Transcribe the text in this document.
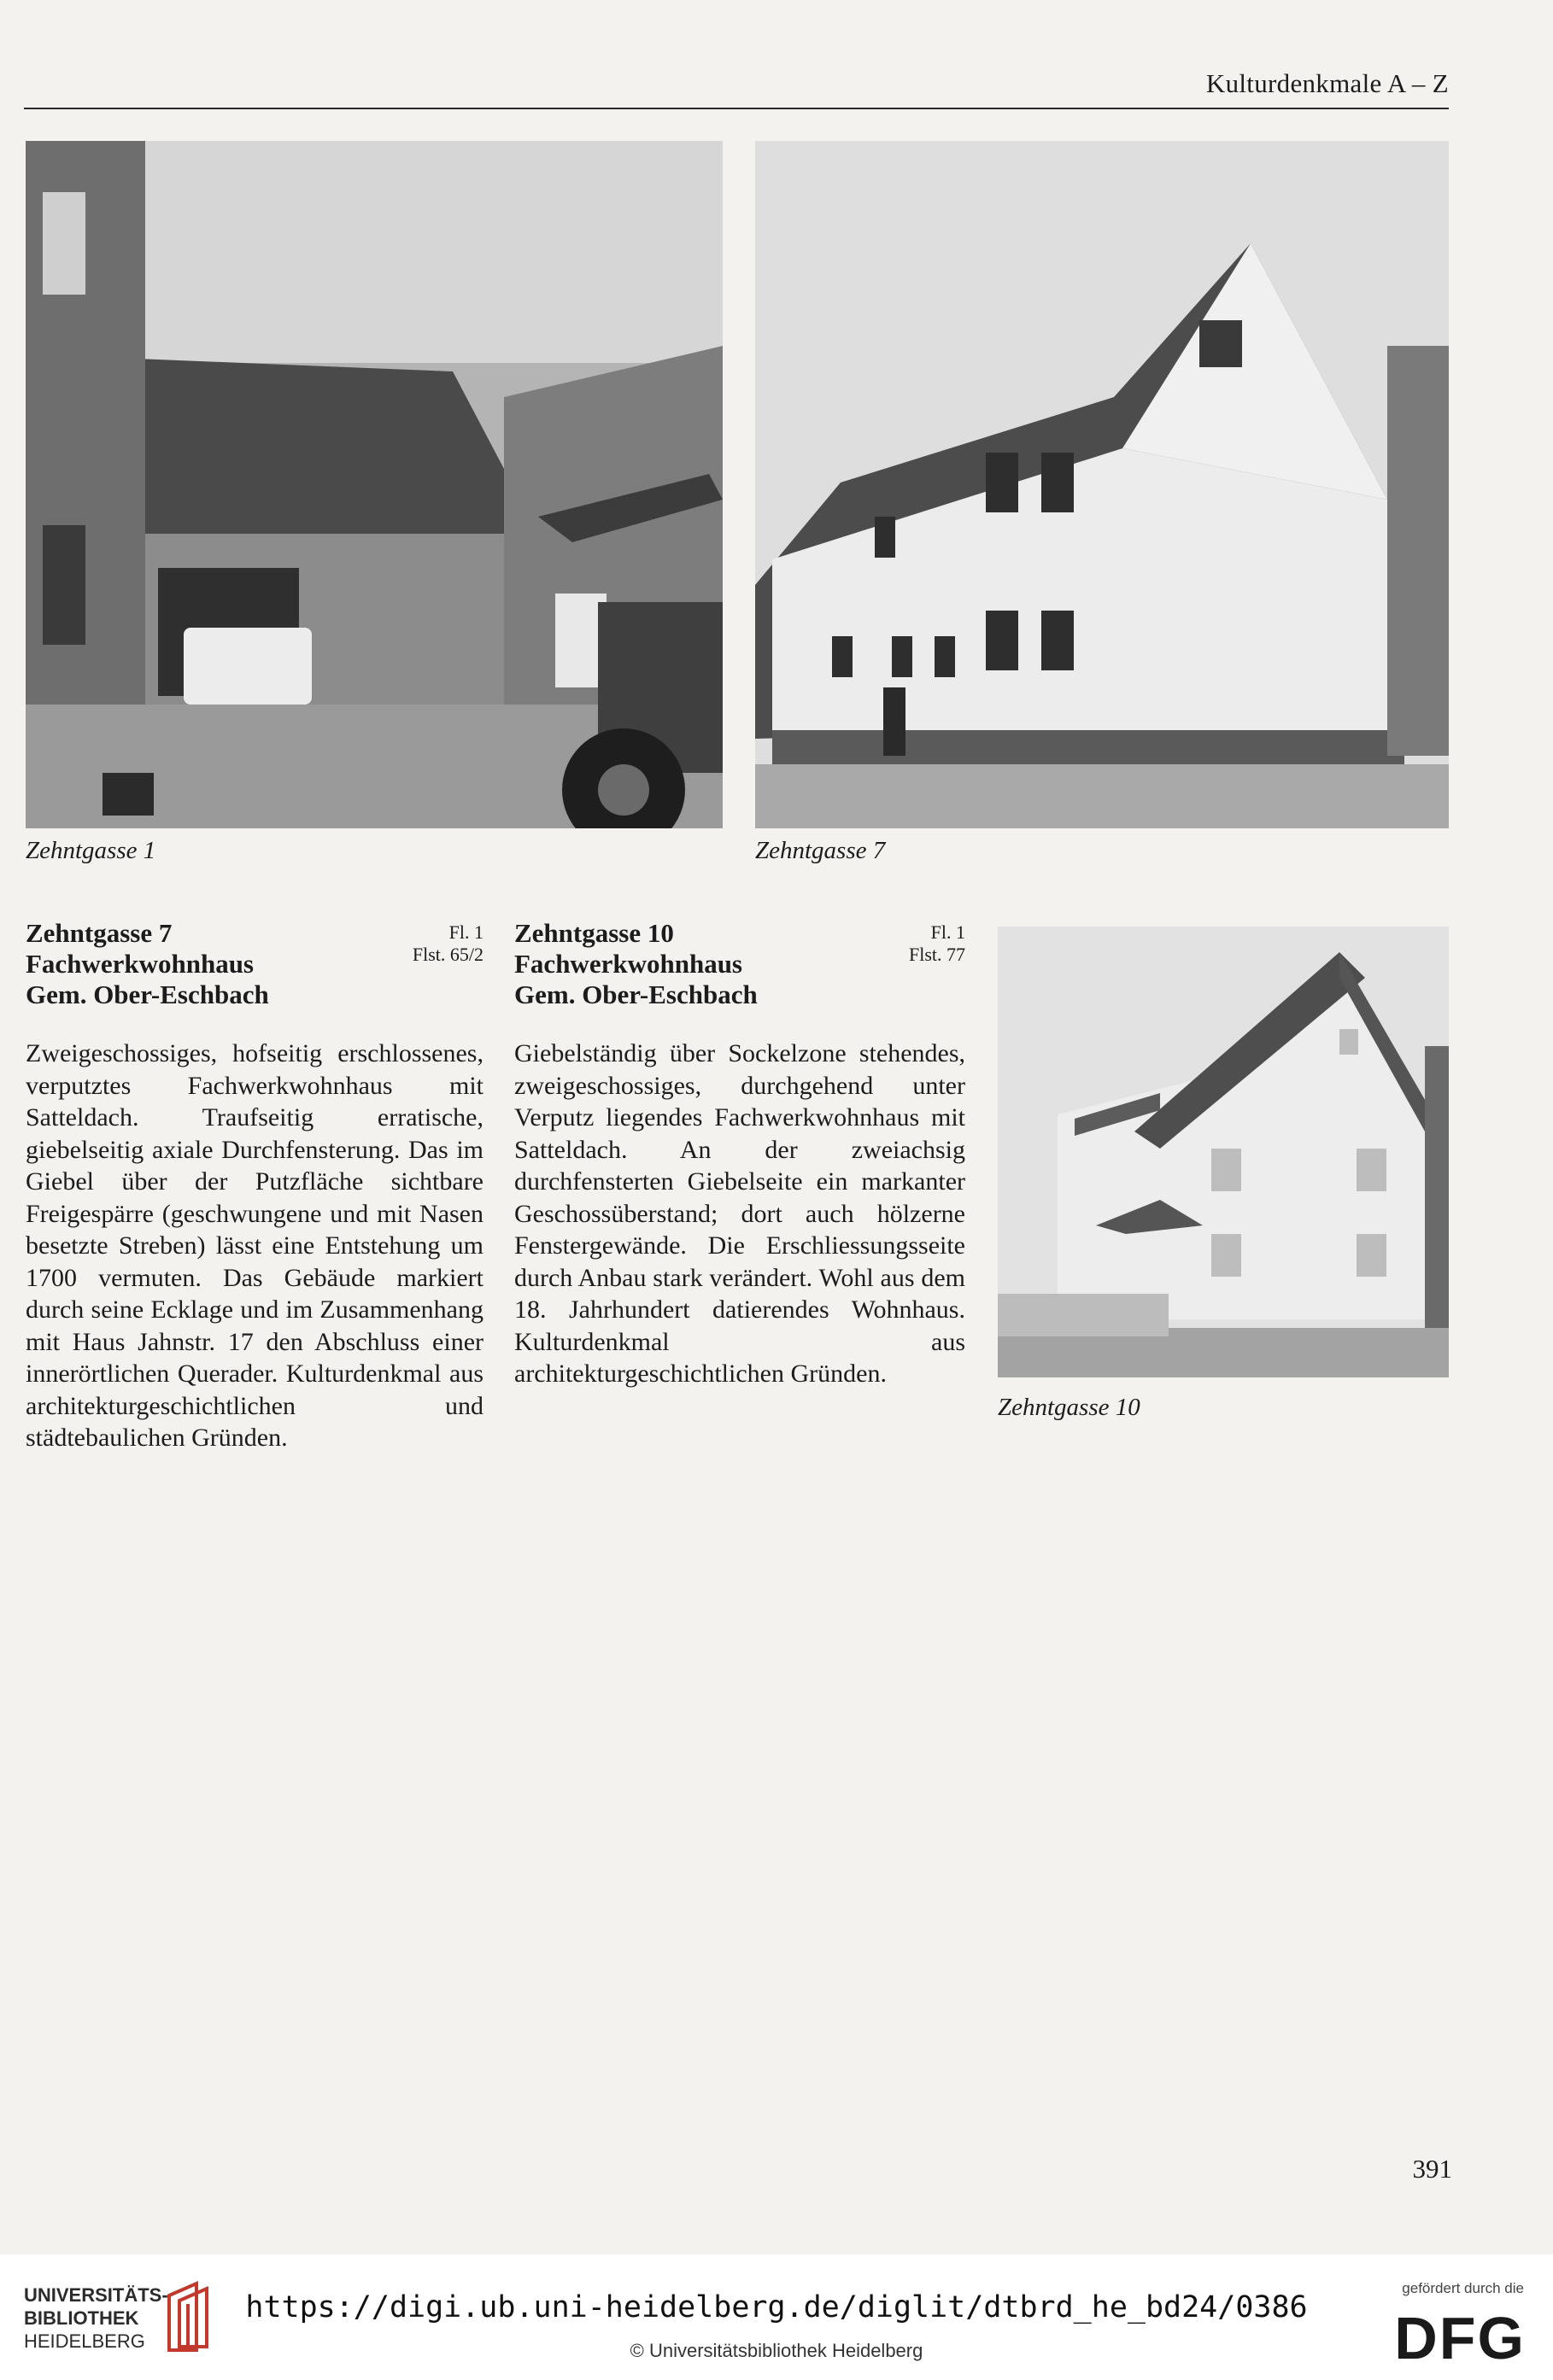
Kulturdenkmale A – Z
Zehntgasse 1	Zehntgasse 7
Zehntgasse 10
Zehntgasse 7
Fachwerkwohnhaus
Gem. Ober-Eschbach
Fl. 1
Flst. 65/2
Zweigeschossiges, hofseitig erschlossenes, verputztes Fachwerkwohnhaus mit Satteldach. Traufseitig erratische, giebelseitig axiale Durchfensterung. Das im Giebel über der Putzfläche sichtbare Freigespärre (geschwungene und mit Nasen besetzte Streben) lässt eine Entstehung um 1700 vermuten. Das Gebäude markiert durch seine Ecklage und im Zusammenhang mit Haus Jahnstr. 17 den Abschluss einer innerörtlichen Querader. Kulturdenkmal aus architekturgeschichtlichen und städtebaulichen Gründen.
Zehntgasse 10
Fachwerkwohnhaus
Gem. Ober-Eschbach
Fl. 1
Flst. 77
Giebelständig über Sockelzone stehendes, zweigeschossiges, durchgehend unter Verputz liegendes Fachwerkwohnhaus mit Satteldach. An der zweiachsig durchfensterten Giebelseite ein markanter Geschossüberstand; dort auch hölzerne Fenstergewände. Die Erschliessungsseite durch Anbau stark verändert. Wohl aus dem 18. Jahrhundert datierendes Wohnhaus. Kulturdenkmal aus architekturgeschichtlichen Gründen.
391
UNIVERSITÄTS-
BIBLIOTHEK
HEIDELBERG
https://digi.ub.uni-heidelberg.de/diglit/dtbrd_he_bd24/0386
© Universitätsbibliothek Heidelberg
gefördert durch die
DFG
